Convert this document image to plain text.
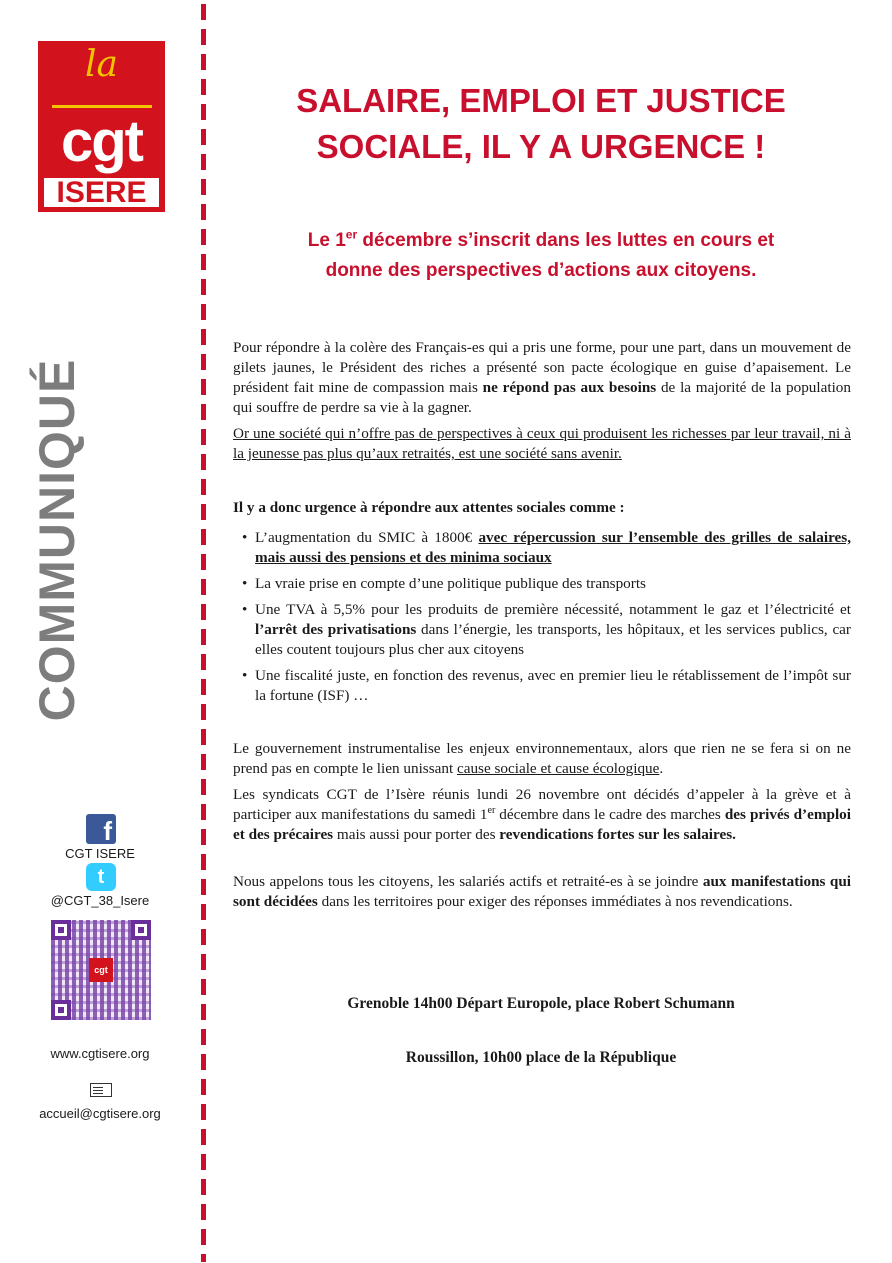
la
cgt
ISERE
COMMUNIQUÉ
f
CGT ISERE
t
@CGT_38_Isere
cgt
www.cgtisere.org
accueil@cgtisere.org
SALAIRE, EMPLOI ET JUSTICE
SOCIALE, IL Y A URGENCE !
Le 1er décembre s’inscrit dans les luttes en cours et
donne des perspectives d’actions aux citoyens.
Pour répondre à la colère des Français-es qui a pris une forme, pour une part, dans un mouvement de gilets jaunes, le Président des riches a présenté son pacte écologique en guise d’apaisement. Le président fait mine de compassion mais ne répond pas aux besoins de la majorité de la population qui souffre de perdre sa vie à la gagner.
Or une société qui n’offre pas de perspectives à ceux qui produisent les richesses par leur travail, ni à la jeunesse pas plus qu’aux retraités, est une société sans avenir.
Il y a donc urgence à répondre aux attentes sociales comme :
• L’augmentation du SMIC à 1800€ avec répercussion sur l’ensemble des grilles de salaires, mais aussi des pensions et des minima sociaux
• La vraie prise en compte d’une politique publique des transports
• Une TVA à 5,5% pour les produits de première nécessité, notamment le gaz et l’électricité et l’arrêt des privatisations dans l’énergie, les transports, les hôpitaux, et les services publics, car elles coutent toujours plus cher aux citoyens
• Une fiscalité juste, en fonction des revenus, avec en premier lieu le rétablissement de l’impôt sur la fortune (ISF) …
Le gouvernement instrumentalise les enjeux environnementaux, alors que rien ne se fera si on ne prend pas en compte le lien unissant cause sociale et cause écologique.
Les syndicats CGT de l’Isère réunis lundi 26 novembre ont décidés d’appeler à la grève et à participer aux manifestations du samedi 1er décembre dans le cadre des marches des privés d’emploi et des précaires mais aussi pour porter des revendications fortes sur les salaires.
Nous appelons tous les citoyens, les salariés actifs et retraité-es à se joindre aux manifestations qui sont décidées dans les territoires pour exiger des réponses immédiates à nos revendications.
Grenoble 14h00 Départ Europole, place Robert Schumann
Roussillon, 10h00 place de la République
